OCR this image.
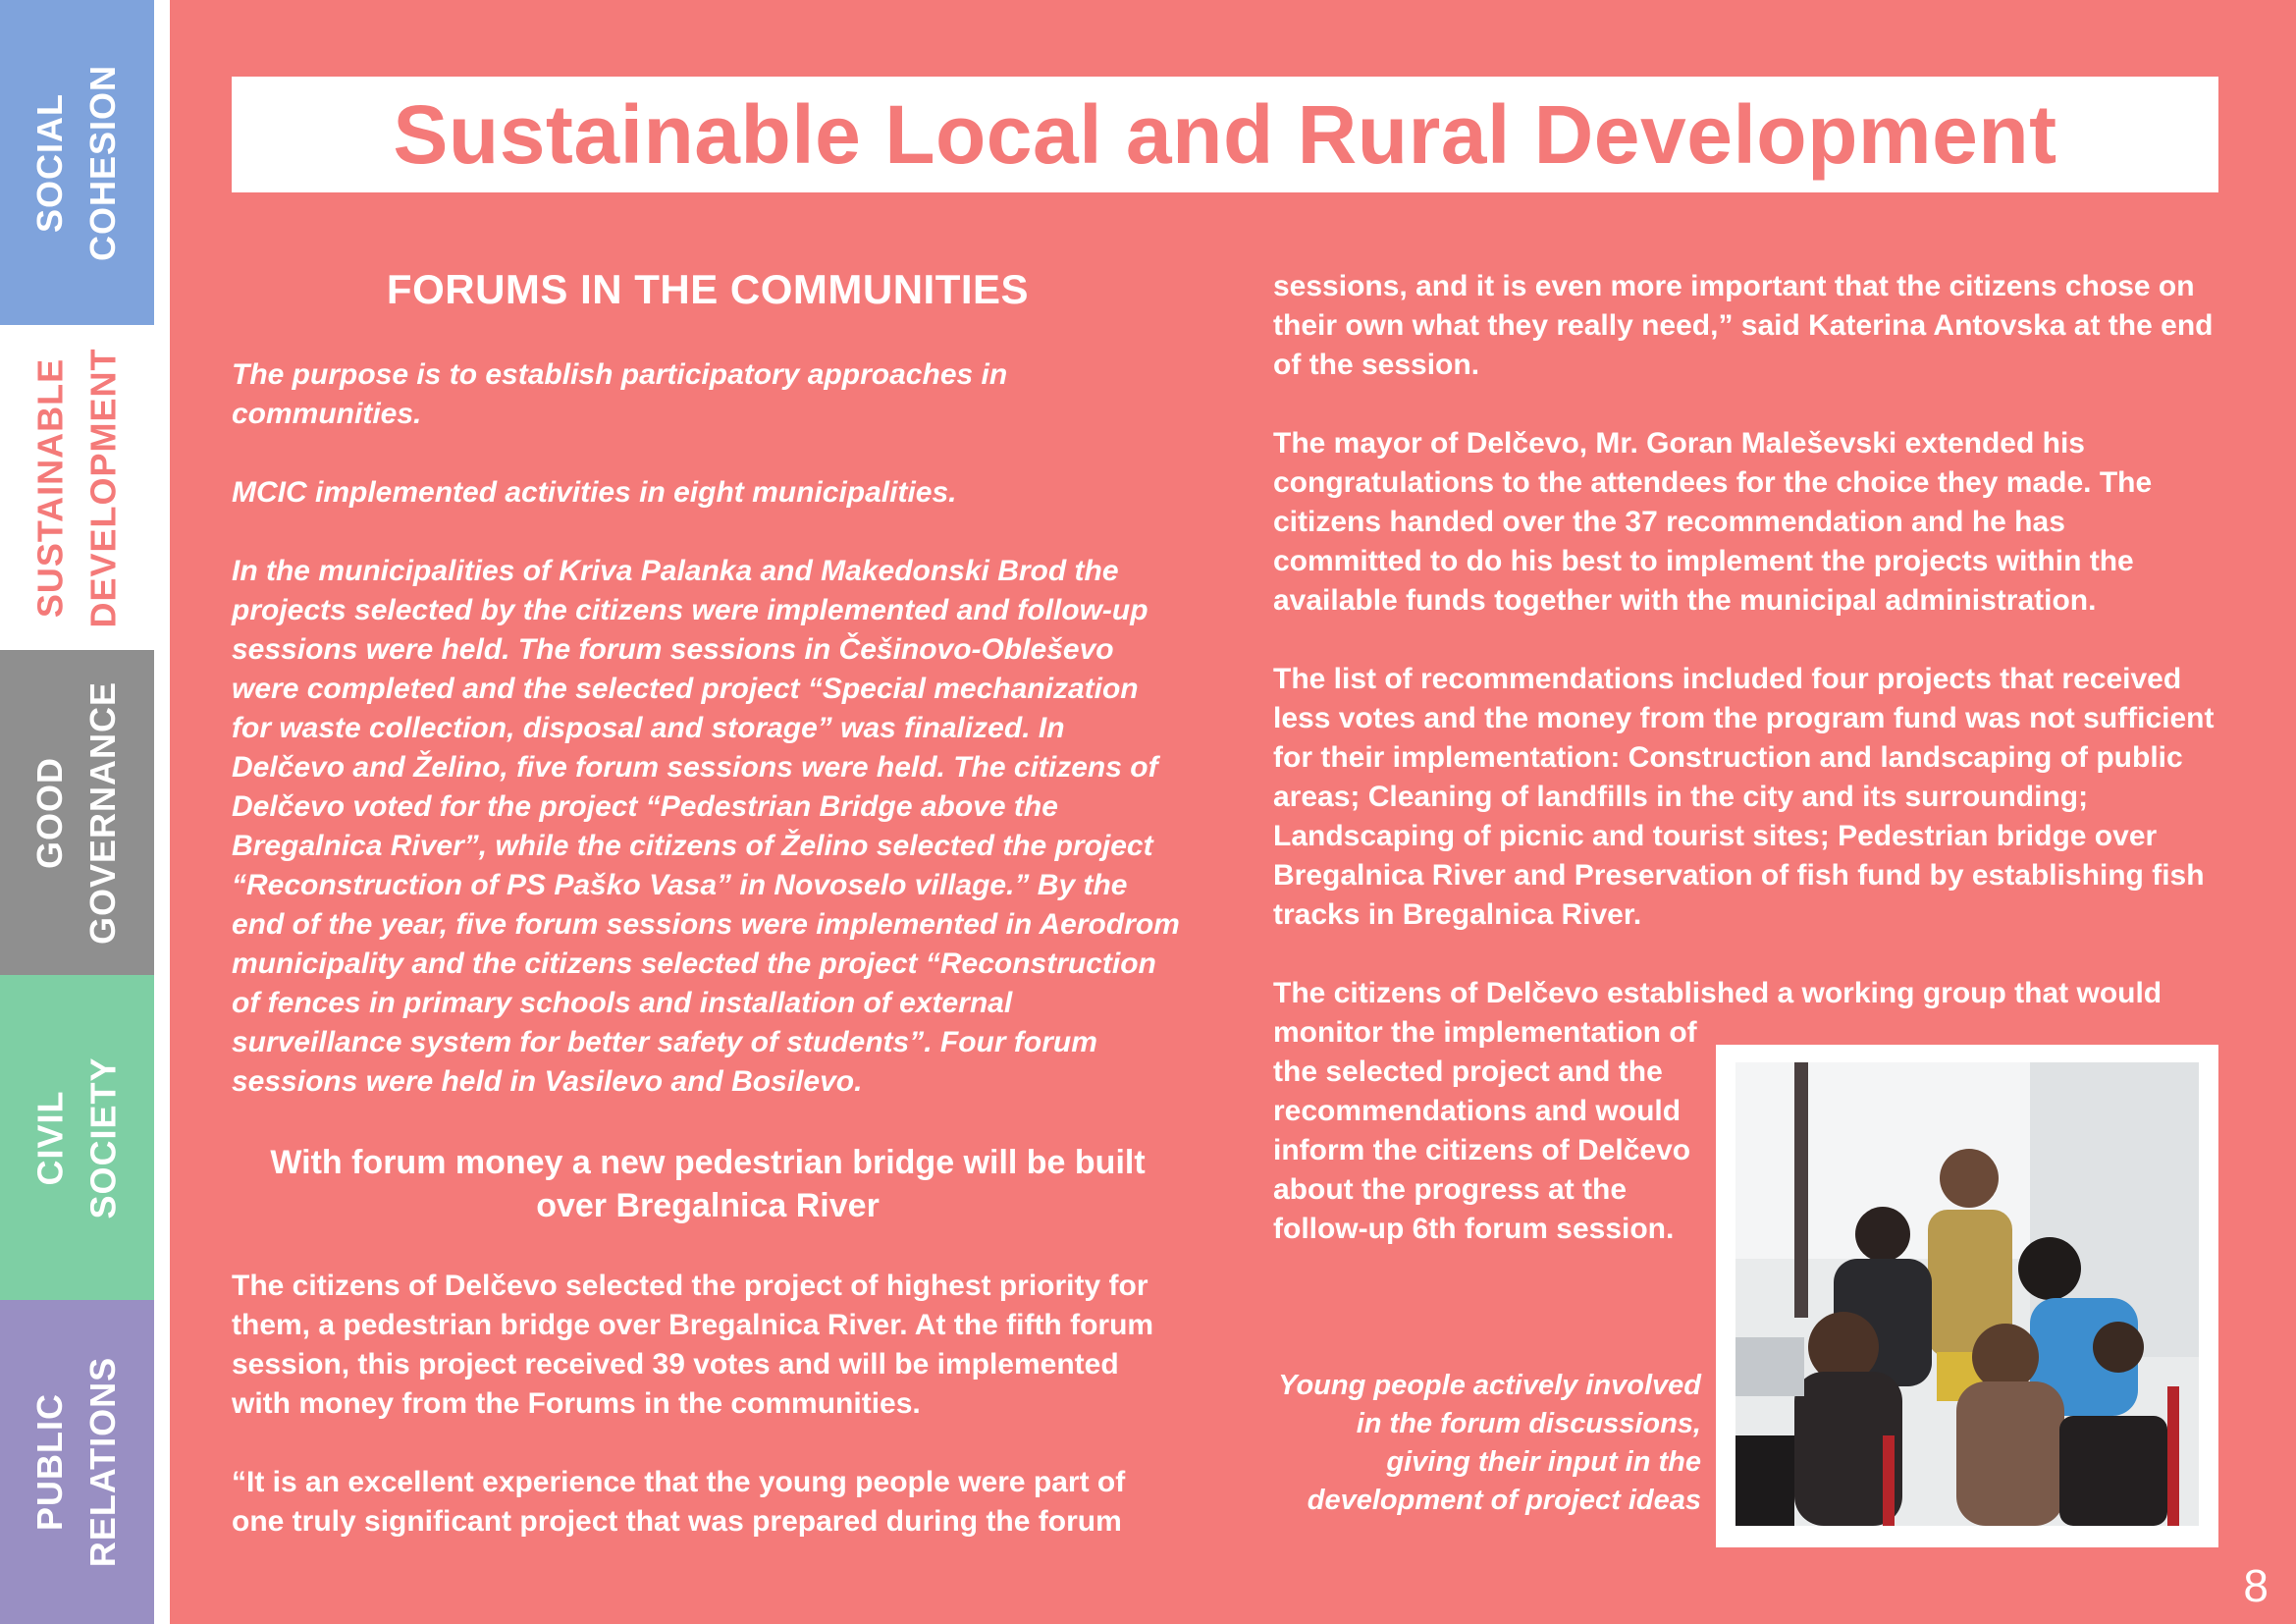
SOCIAL COHESION
SUSTAINABLE DEVELOPMENT
GOOD GOVERNANCE
CIVIL SOCIETY
PUBLIC RELATIONS
Sustainable Local and Rural Development
FORUMS IN THE COMMUNITIES

The purpose is to establish participatory approaches in communities.

MCIC implemented activities in eight municipalities.

In the municipalities of Kriva Palanka and Makedonski Brod the projects selected by the citizens were implemented and follow-up sessions were held. The forum sessions in Češinovo-Obleševo were completed and the selected project “Special mechanization for waste collection, disposal and storage” was finalized. In Delčevo and Želino, five forum sessions were held. The citizens of Delčevo voted for the project “Pedestrian Bridge above the Bregalnica River”, while the citizens of Želino selected the project “Reconstruction of PS Paško Vasa” in Novoselo village.” By the end of the year, five forum sessions were implemented in Aerodrom municipality and the citizens selected the project “Reconstruction of fences in primary schools and installation of external surveillance system for better safety of students”. Four forum sessions were held in Vasilevo and Bosilevo.

With forum money a new pedestrian bridge will be built over Bregalnica River

The citizens of Delčevo selected the project of highest priority for them, a pedestrian bridge over Bregalnica River. At the fifth forum session, this project received 39 votes and will be implemented with money from the Forums in the communities.

“It is an excellent experience that the young people were part of one truly significant project that was prepared during the forum

sessions, and it is even more important that the citizens chose on their own what they really need,” said Katerina Antovska at the end of the session.

The mayor of Delčevo, Mr. Goran Maleševski extended his congratulations to the attendees for the choice they made. The citizens handed over the 37 recommendation and he has committed to do his best to implement the projects within the available funds together with the municipal administration.

The list of recommendations included four projects that received less votes and the money from the program fund was not sufficient for their implementation: Construction and landscaping of public areas; Cleaning of landfills in the city and its surrounding; Landscaping of picnic and tourist sites; Pedestrian bridge over Bregalnica River and Preservation of fish fund by establishing fish tracks in Bregalnica River.

The citizens of Delčevo established a working group that would

monitor the implementation of the selected project and the recommendations and would inform the citizens of Delčevo about the progress at the follow-up 6th forum session.

Young people actively involved in the forum discussions, giving their input in the development of project ideas
8
